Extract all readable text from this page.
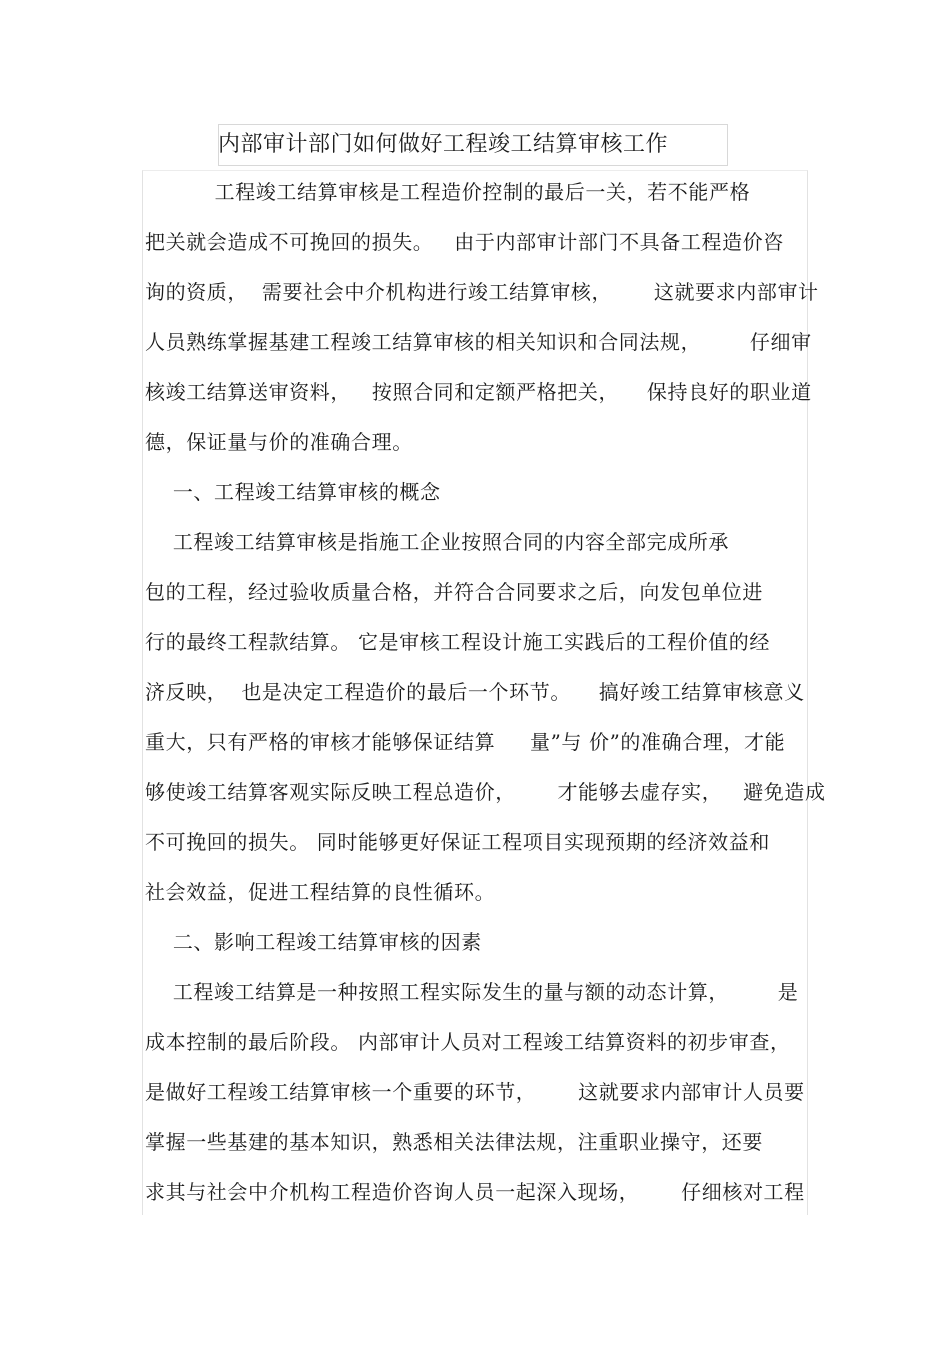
内部审计部门如何做好工程竣工结算审核工作
工程竣工结算审核是工程造价控制的最后一关，若不能严格
把关就会造成不可挽回的损失。   由于内部审计部门不具备工程造价咨
询的资质，  需要社会中介机构进行竣工结算审核，      这就要求内部审计
人员熟练掌握基建工程竣工结算审核的相关知识和合同法规，       仔细审
核竣工结算送审资料，   按照合同和定额严格把关，    保持良好的职业道
德，保证量与价的准确合理。
一、工程竣工结算审核的概念
工程竣工结算审核是指施工企业按照合同的内容全部完成所承
包的工程，经过验收质量合格，并符合合同要求之后，向发包单位进
行的最终工程款结算。 它是审核工程设计施工实践后的工程价值的经
济反映，  也是决定工程造价的最后一个环节。    搞好竣工结算审核意义
重大，只有严格的审核才能够保证结算     量”与 价”的准确合理，才能
够使竣工结算客观实际反映工程总造价，      才能够去虚存实，   避免造成
不可挽回的损失。 同时能够更好保证工程项目实现预期的经济效益和
社会效益，促进工程结算的良性循环。
二、影响工程竣工结算审核的因素
工程竣工结算是一种按照工程实际发生的量与额的动态计算，       是
成本控制的最后阶段。 内部审计人员对工程竣工结算资料的初步审查，
是做好工程竣工结算审核一个重要的环节，      这就要求内部审计人员要
掌握一些基建的基本知识，熟悉相关法律法规，注重职业操守，还要
求其与社会中介机构工程造价咨询人员一起深入现场，      仔细核对工程
